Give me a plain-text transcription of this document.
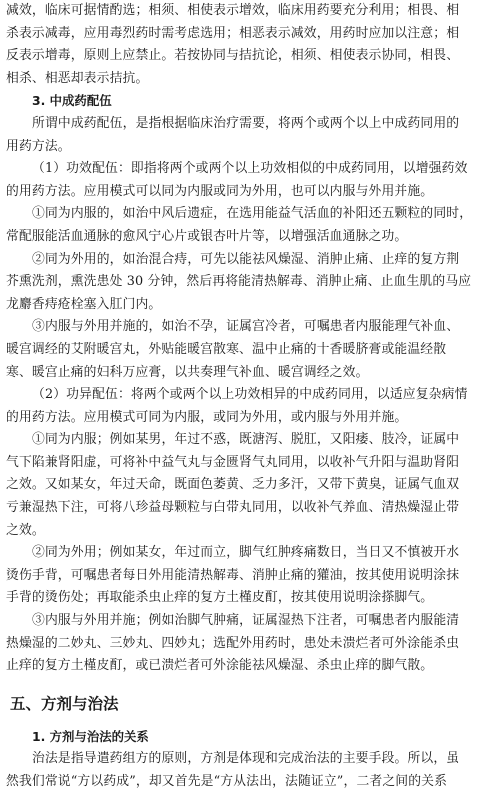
减效，临床可据情酌选；相须、相使表示增效，临床用药要充分利用；相畏、相
杀表示减毒，应用毒烈药时需考虑选用；相恶表示减效，用药时应加以注意；相
反表示增毒，原则上应禁止。若按协同与拮抗论，相须、相使表示协同，相畏、
相杀、相恶却表示拮抗。
3. 中成药配伍
所谓中成药配伍，是指根据临床治疗需要，将两个或两个以上中成药同用的
用药方法。
（1）功效配伍：即指将两个或两个以上功效相似的中成药同用，以增强药效
的用药方法。应用模式可以同为内服或同为外用，也可以内服与外用并施。
①同为内服的，如治中风后遗症，在选用能益气活血的补阳还五颗粒的同时，
常配服能活血通脉的愈风宁心片或银杏叶片等，以增强活血通脉之功。
②同为外用的，如治混合痔，可先以能祛风燥湿、消肿止痛、止痒的复方荆
芥熏洗剂，熏洗患处 30 分钟，然后再将能清热解毒、消肿止痛、止血生肌的马应
龙麝香痔疮栓塞入肛门内。
③内服与外用并施的，如治不孕，证属宫冷者，可嘱患者内服能理气补血、
暖宫调经的艾附暖宫丸，外贴能暖宫散寒、温中止痛的十香暖脐膏或能温经散
寒、暖宫止痛的妇科万应膏，以共奏理气补血、暖宫调经之效。
（2）功异配伍：将两个或两个以上功效相异的中成药同用，以适应复杂病情
的用药方法。应用模式可同为内服，或同为外用，或内服与外用并施。
①同为内服；例如某男，年过不惑，既溏泻、脱肛，又阳痿、肢冷，证属中
气下陷兼肾阳虚，可将补中益气丸与金匮肾气丸同用，以收补气升阳与温助肾阳
之效。又如某女，年过天命，既面色萎黄、乏力多汗，又带下黄臭，证属气血双
亏兼湿热下注，可将八珍益母颗粒与白带丸同用，以收补气养血、清热燥湿止带
之效。
②同为外用；例如某女，年过而立，脚气红肿疼痛数日，当日又不慎被开水
烫伤手背，可嘱患者每日外用能清热解毒、消肿止痛的獾油，按其使用说明涂抹
手背的烫伤处；再取能杀虫止痒的复方土槿皮酊，按其使用说明涂搽脚气。
③内服与外用并施；例如治脚气肿痛，证属湿热下注者，可嘱患者内服能清
热燥湿的二妙丸、三妙丸、四妙丸；选配外用药时，患处未溃烂者可外涂能杀虫
止痒的复方土槿皮酊，或已溃烂者可外涂能祛风燥湿、杀虫止痒的脚气散。
五、方剂与治法
1. 方剂与治法的关系
治法是指导遣药组方的原则，方剂是体现和完成治法的主要手段。所以，虽
然我们常说“方以药成”，却又首先是“方从法出，法随证立”，二者之间的关系
